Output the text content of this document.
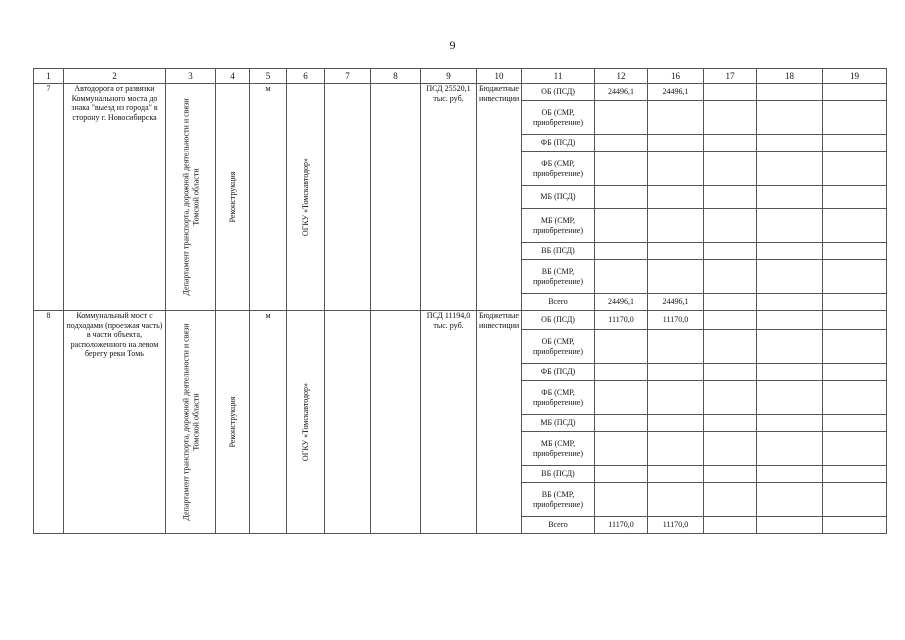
9
1	2	3	4	5	6	7	8	9	10	11	12	16	17	18	19
7	Автодорога от развязки Коммунального моста до знака "выезд из города" в сторону г. Новосибирска	Департамент транспорта, дорожной деятельности и связи Томской области	Реконструкция	м	ОГКУ «Томскавтодор»			ПСД 25520,1 тыс. руб.	Бюджетные инвестиции	ОБ (ПСД)	24496,1	24496,1			
										ОБ (СМР, приобретение)					
										ФБ (ПСД)					
										ФБ (СМР, приобретение)					
										МБ (ПСД)					
										МБ (СМР, приобретение)					
										ВБ (ПСД)					
										ВБ (СМР, приобретение)					
										Всего	24496,1	24496,1			
8	Коммунальный мост с подходами (проезжая часть) в части объекта, расположенного на левом берегу реки Томь	Департамент транспорта, дорожной деятельности и связи Томской области	Реконструкция	м	ОГКУ «Томскавтодор»			ПСД 11194,0 тыс. руб.	Бюджетные инвестиции	ОБ (ПСД)	11170,0	11170,0			
										ОБ (СМР, приобретение)					
										ФБ (ПСД)					
										ФБ (СМР, приобретение)					
										МБ (ПСД)					
										МБ (СМР, приобретение)					
										ВБ (ПСД)					
										ВБ (СМР, приобретение)					
										Всего	11170,0	11170,0			
